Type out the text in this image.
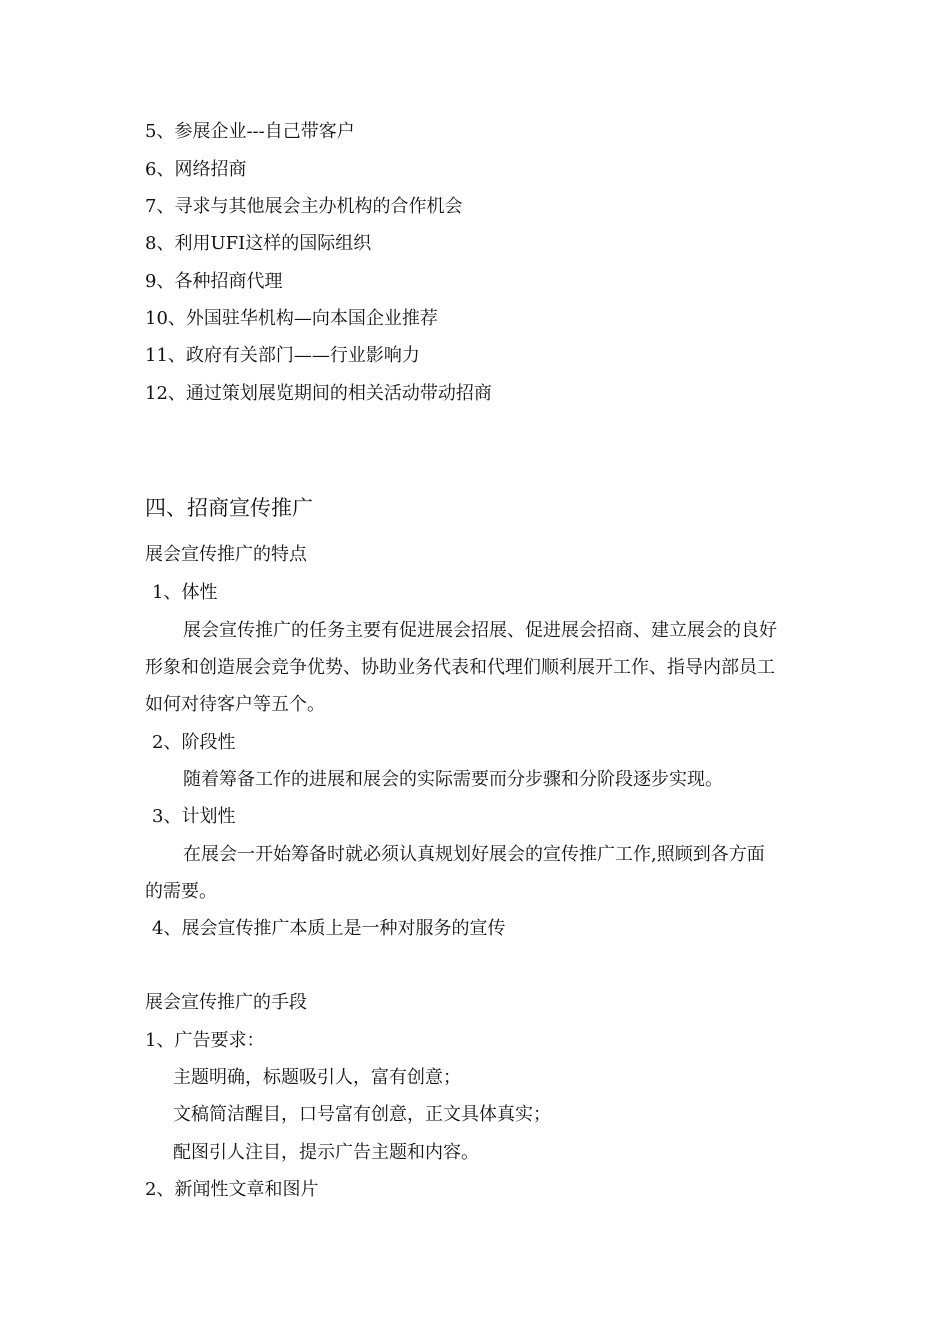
5、参展企业---自己带客户
6、网络招商
7、寻求与其他展会主办机构的合作机会
8、利用UFI这样的国际组织
9、各种招商代理
10、外国驻华机构—向本国企业推荐
11、政府有关部门——行业影响力
12、通过策划展览期间的相关活动带动招商
四、招商宣传推广
展会宣传推广的特点
1、体性
展会宣传推广的任务主要有促进展会招展、促进展会招商、建立展会的良好
形象和创造展会竞争优势、协助业务代表和代理们顺利展开工作、指导内部员工
如何对待客户等五个。
2、阶段性
随着筹备工作的进展和展会的实际需要而分步骤和分阶段逐步实现。
3、计划性
在展会一开始筹备时就必须认真规划好展会的宣传推广工作,照顾到各方面
的需要。
4、展会宣传推广本质上是一种对服务的宣传
展会宣传推广的手段
1、广告要求：
主题明确，标题吸引人，富有创意；
文稿简洁醒目，口号富有创意，正文具体真实；
配图引人注目，提示广告主题和内容。
2、新闻性文章和图片
